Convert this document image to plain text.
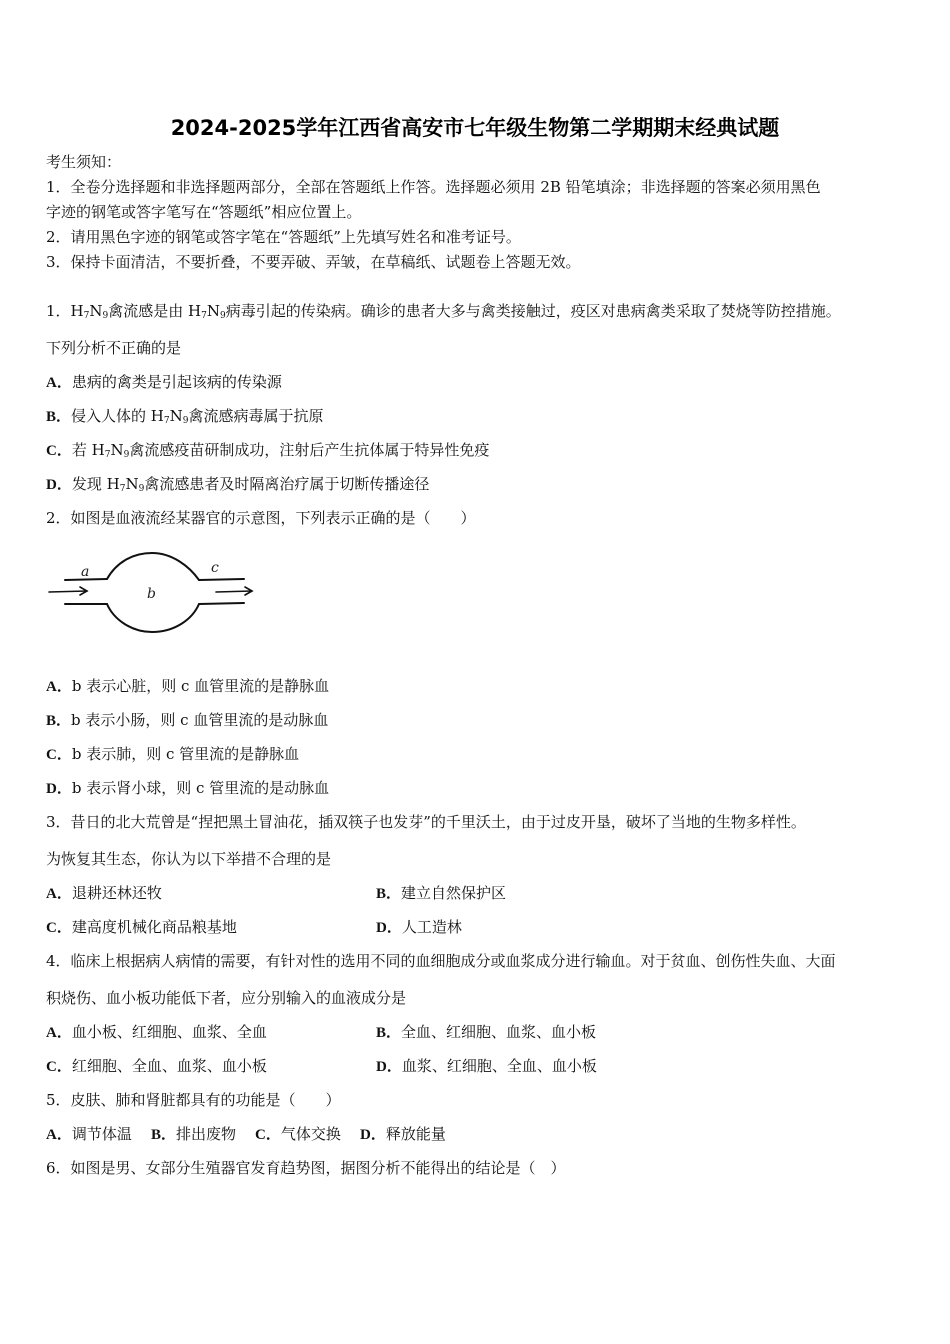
2024-2025学年江西省高安市七年级生物第二学期期末经典试题
考生须知：
1．全卷分选择题和非选择题两部分，全部在答题纸上作答。选择题必须用 2B 铅笔填涂；非选择题的答案必须用黑色
字迹的钢笔或答字笔写在“答题纸”相应位置上。
2．请用黑色字迹的钢笔或答字笔在“答题纸”上先填写姓名和准考证号。
3．保持卡面清洁，不要折叠，不要弄破、弄皱，在草稿纸、试题卷上答题无效。
1．$H_7N_9$禽流感是由 $H_7N_9$病毒引起的传染病。确诊的患者大多与禽类接触过，疫区对患病禽类采取了焚烧等防控措施。
下列分析不正确的是
A．患病的禽类是引起该病的传染源
B．侵入人体的 $H_7N_9$禽流感病毒属于抗原
C．若 $H_7N_9$禽流感疫苗研制成功，注射后产生抗体属于特异性免疫
D．发现 $H_7N_9$禽流感患者及时隔离治疗属于切断传播途径
2．如图是血液流经某器官的示意图，下列表示正确的是（　　）
a
b
c
A．b 表示心脏，则 c 血管里流的是静脉血
B．b 表示小肠，则 c 血管里流的是动脉血
C．b 表示肺，则 c 管里流的是静脉血
D．b 表示肾小球，则 c 管里流的是动脉血
3．昔日的北大荒曾是“捏把黑土冒油花，插双筷子也发芽”的千里沃土，由于过皮开垦，破坏了当地的生物多样性。
为恢复其生态，你认为以下举措不合理的是
A．退耕还林还牧	B．建立自然保护区
C．建高度机械化商品粮基地	D．人工造林
4．临床上根据病人病情的需要，有针对性的选用不同的血细胞成分或血浆成分进行输血。对于贫血、创伤性失血、大面
积烧伤、血小板功能低下者，应分别输入的血液成分是
A．血小板、红细胞、血浆、全血	B．全血、红细胞、血浆、血小板
C．红细胞、全血、血浆、血小板	D．血浆、红细胞、全血、血小板
5．皮肤、肺和肾脏都具有的功能是（　　）
A．调节体温 B．排出废物 C．气体交换 D．释放能量
6．如图是男、女部分生殖器官发育趋势图，据图分析不能得出的结论是（　）
